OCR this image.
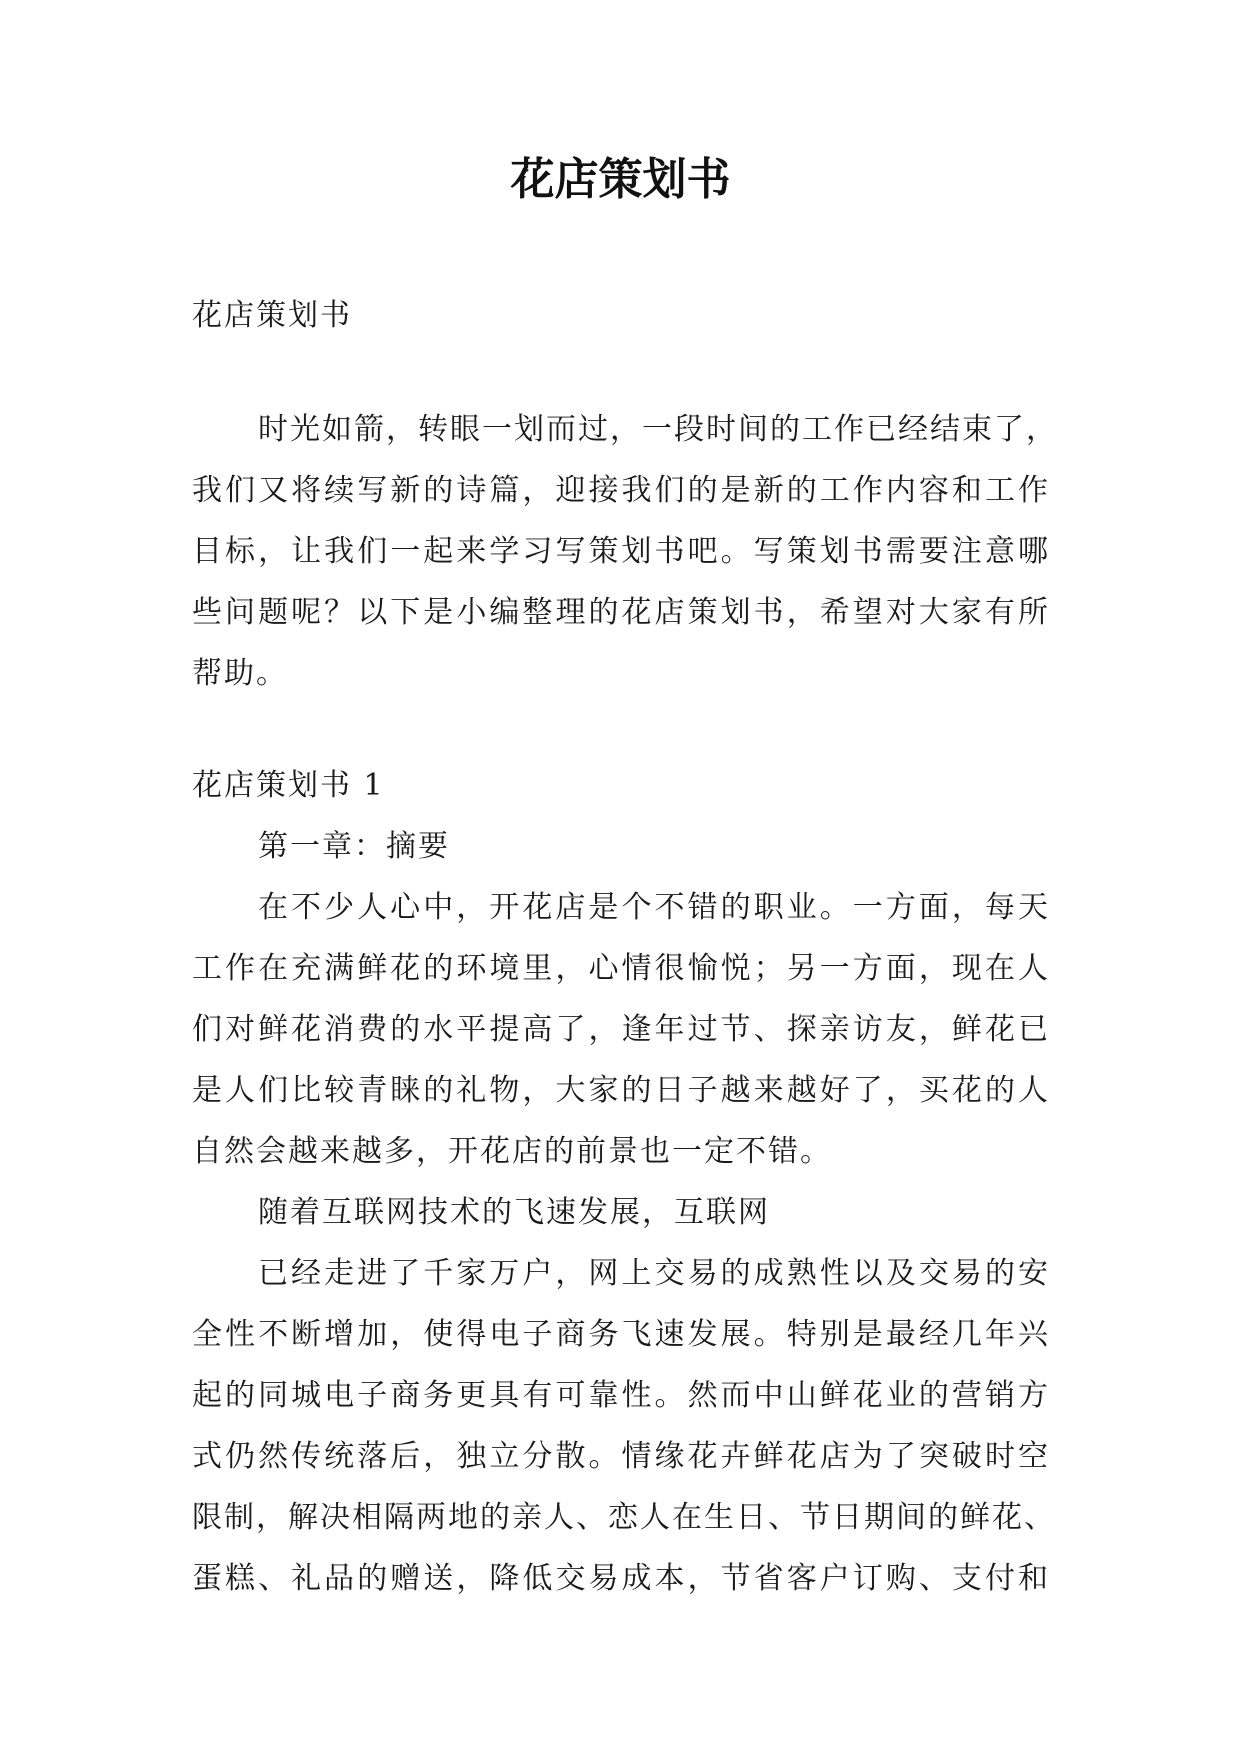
花店策划书
花店策划书
时光如箭，转眼一划而过，一段时间的工作已经结束了，
我们又将续写新的诗篇，迎接我们的是新的工作内容和工作
目标，让我们一起来学习写策划书吧。写策划书需要注意哪
些问题呢？以下是小编整理的花店策划书，希望对大家有所
帮助。
花店策划书 1
第一章：摘要
在不少人心中，开花店是个不错的职业。一方面，每天
工作在充满鲜花的环境里，心情很愉悦；另一方面，现在人
们对鲜花消费的水平提高了，逢年过节、探亲访友，鲜花已
是人们比较青睐的礼物，大家的日子越来越好了，买花的人
自然会越来越多，开花店的前景也一定不错。
随着互联网技术的飞速发展，互联网
已经走进了千家万户，网上交易的成熟性以及交易的安
全性不断增加，使得电子商务飞速发展。特别是最经几年兴
起的同城电子商务更具有可靠性。然而中山鲜花业的营销方
式仍然传统落后，独立分散。情缘花卉鲜花店为了突破时空
限制，解决相隔两地的亲人、恋人在生日、节日期间的鲜花、
蛋糕、礼品的赠送，降低交易成本，节省客户订购、支付和
